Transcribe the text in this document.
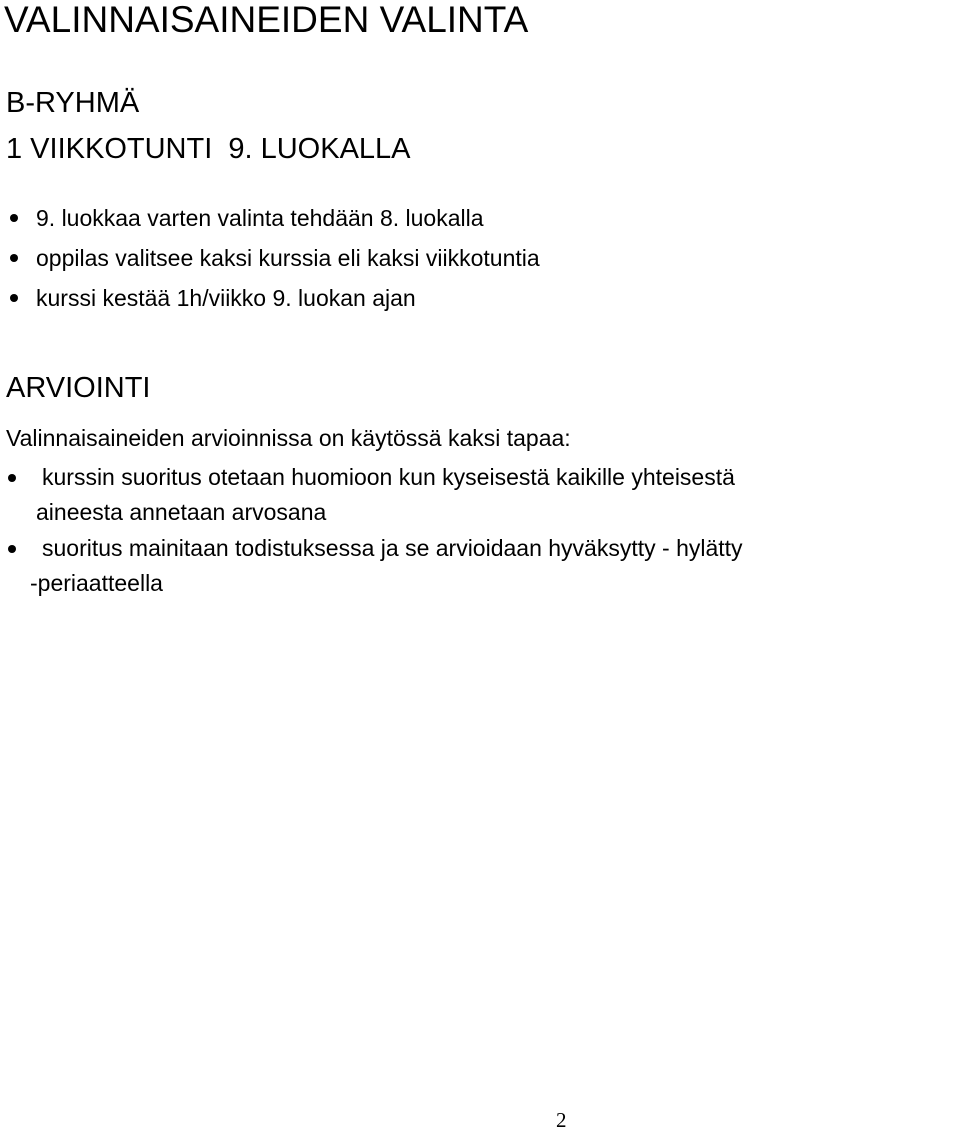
VALINNAISAINEIDEN VALINTA
B-RYHMÄ
1 VIIKKOTUNTI  9. LUOKALLA
9. luokkaa varten valinta tehdään 8. luokalla
oppilas valitsee kaksi kurssia eli kaksi viikkotuntia
kurssi kestää 1h/viikko 9. luokan ajan
ARVIOINTI
Valinnaisaineiden arvioinnissa on käytössä kaksi tapaa:
kurssin suoritus otetaan huomioon kun kyseisestä kaikille yhteisestä
aineesta annetaan arvosana
suoritus mainitaan todistuksessa ja se arvioidaan hyväksytty - hylätty
-periaatteella
2
